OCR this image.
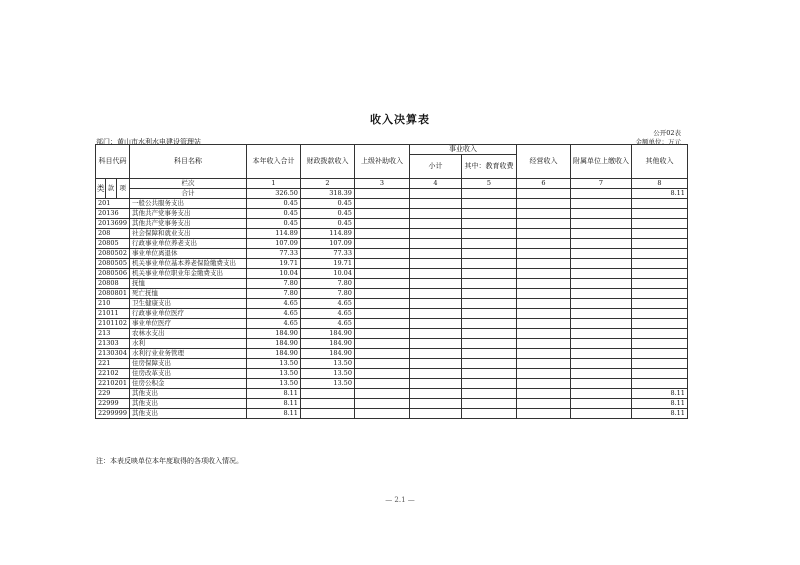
收入决算表
公开02表
部门：黄山市水利水电建设管理站	金额单位：万元
科目代码			科目名称	本年收入合计	财政拨款收入	上级补助收入	事业收入		经营收入	附属单位上缴收入	其他收入
							小计	其中：教育收费			
类	款	项	栏次	1	2	3	4	5	6	7	8
			合计	326.50	318.39						8.11
201			一般公共服务支出	0.45	0.45						
20136			其他共产党事务支出	0.45	0.45						
2013699			其他共产党事务支出	0.45	0.45						
208			社会保障和就业支出	114.89	114.89						
20805			行政事业单位养老支出	107.09	107.09						
2080502			事业单位离退休	77.33	77.33						
2080505			机关事业单位基本养老保险缴费支出	19.71	19.71						
2080506			机关事业单位职业年金缴费支出	10.04	10.04						
20808			抚恤	7.80	7.80						
2080801			死亡抚恤	7.80	7.80						
210			卫生健康支出	4.65	4.65						
21011			行政事业单位医疗	4.65	4.65						
2101102			事业单位医疗	4.65	4.65						
213			农林水支出	184.90	184.90						
21303			水利	184.90	184.90						
2130304			水利行业业务管理	184.90	184.90						
221			住房保障支出	13.50	13.50						
22102			住房改革支出	13.50	13.50						
2210201			住房公积金	13.50	13.50						
229			其他支出	8.11							8.11
22999			其他支出	8.11							8.11
2299999			其他支出	8.11							8.11
注：本表反映单位本年度取得的各项收入情况。
— 2.1 —
